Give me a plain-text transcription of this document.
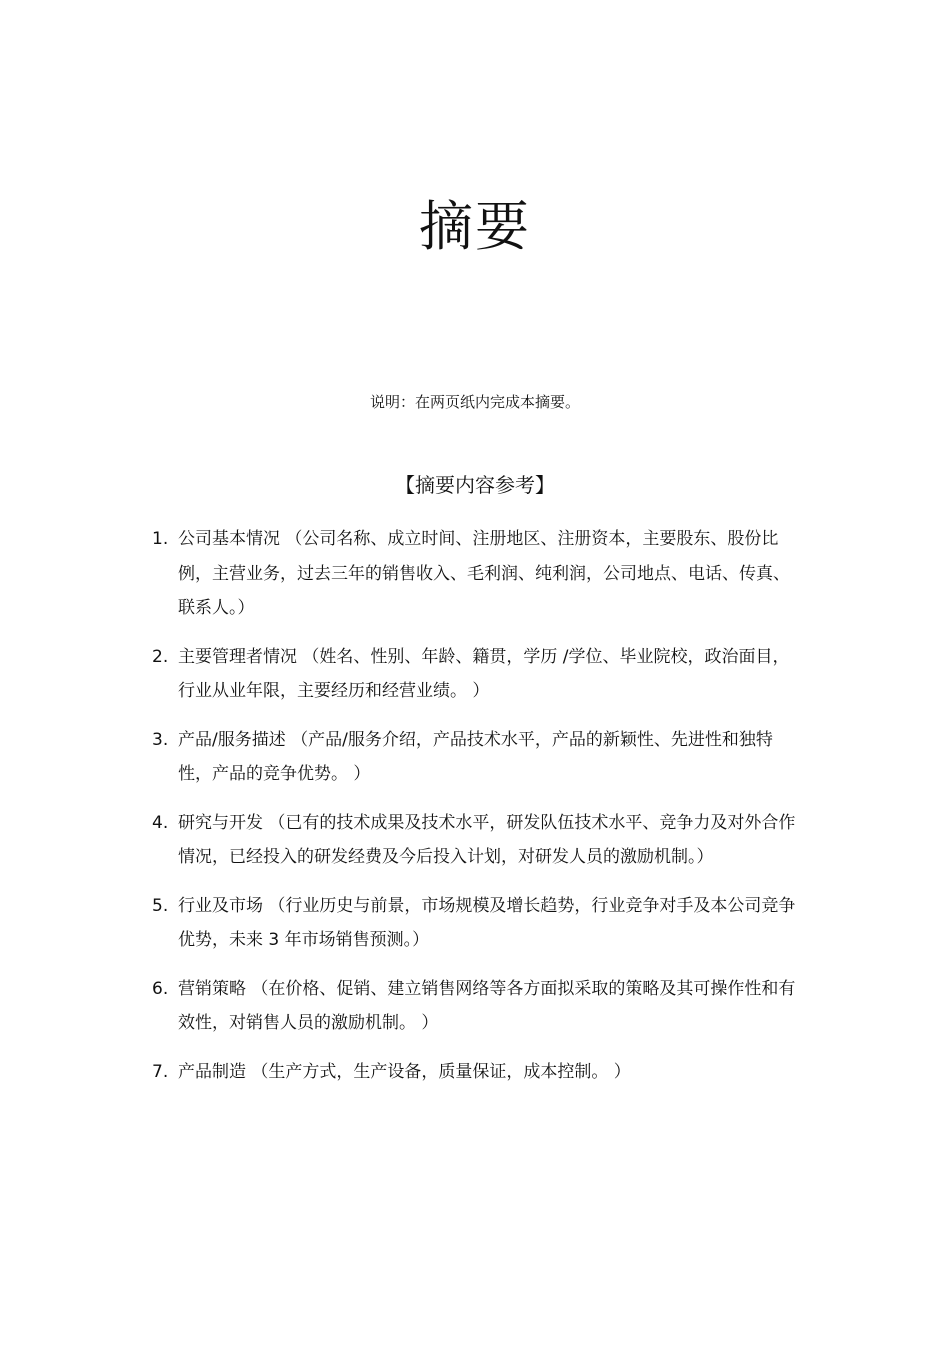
摘要

说明：在两页纸内完成本摘要。

【摘要内容参考】
1. 公司基本情况 （公司名称、成立时间、注册地区、注册资本，主要股东、股份比例，主营业务，过去三年的销售收入、毛利润、纯利润，公司地点、电话、传真、联系人。）
2. 主要管理者情况 （姓名、性别、年龄、籍贯，学历 /学位、毕业院校，政治面目，行业从业年限，主要经历和经营业绩。 ）
3. 产品/服务描述 （产品/服务介绍，产品技术水平，产品的新颖性、先进性和独特性，产品的竞争优势。 ）
4. 研究与开发 （已有的技术成果及技术水平，研发队伍技术水平、竞争力及对外合作情况，已经投入的研发经费及今后投入计划，对研发人员的激励机制。）
5. 行业及市场 （行业历史与前景，市场规模及增长趋势，行业竞争对手及本公司竞争优势，未来 3 年市场销售预测。）
6. 营销策略 （在价格、促销、建立销售网络等各方面拟采取的策略及其可操作性和有效性，对销售人员的激励机制。 ）
7. 产品制造 （生产方式，生产设备，质量保证，成本控制。 ）
